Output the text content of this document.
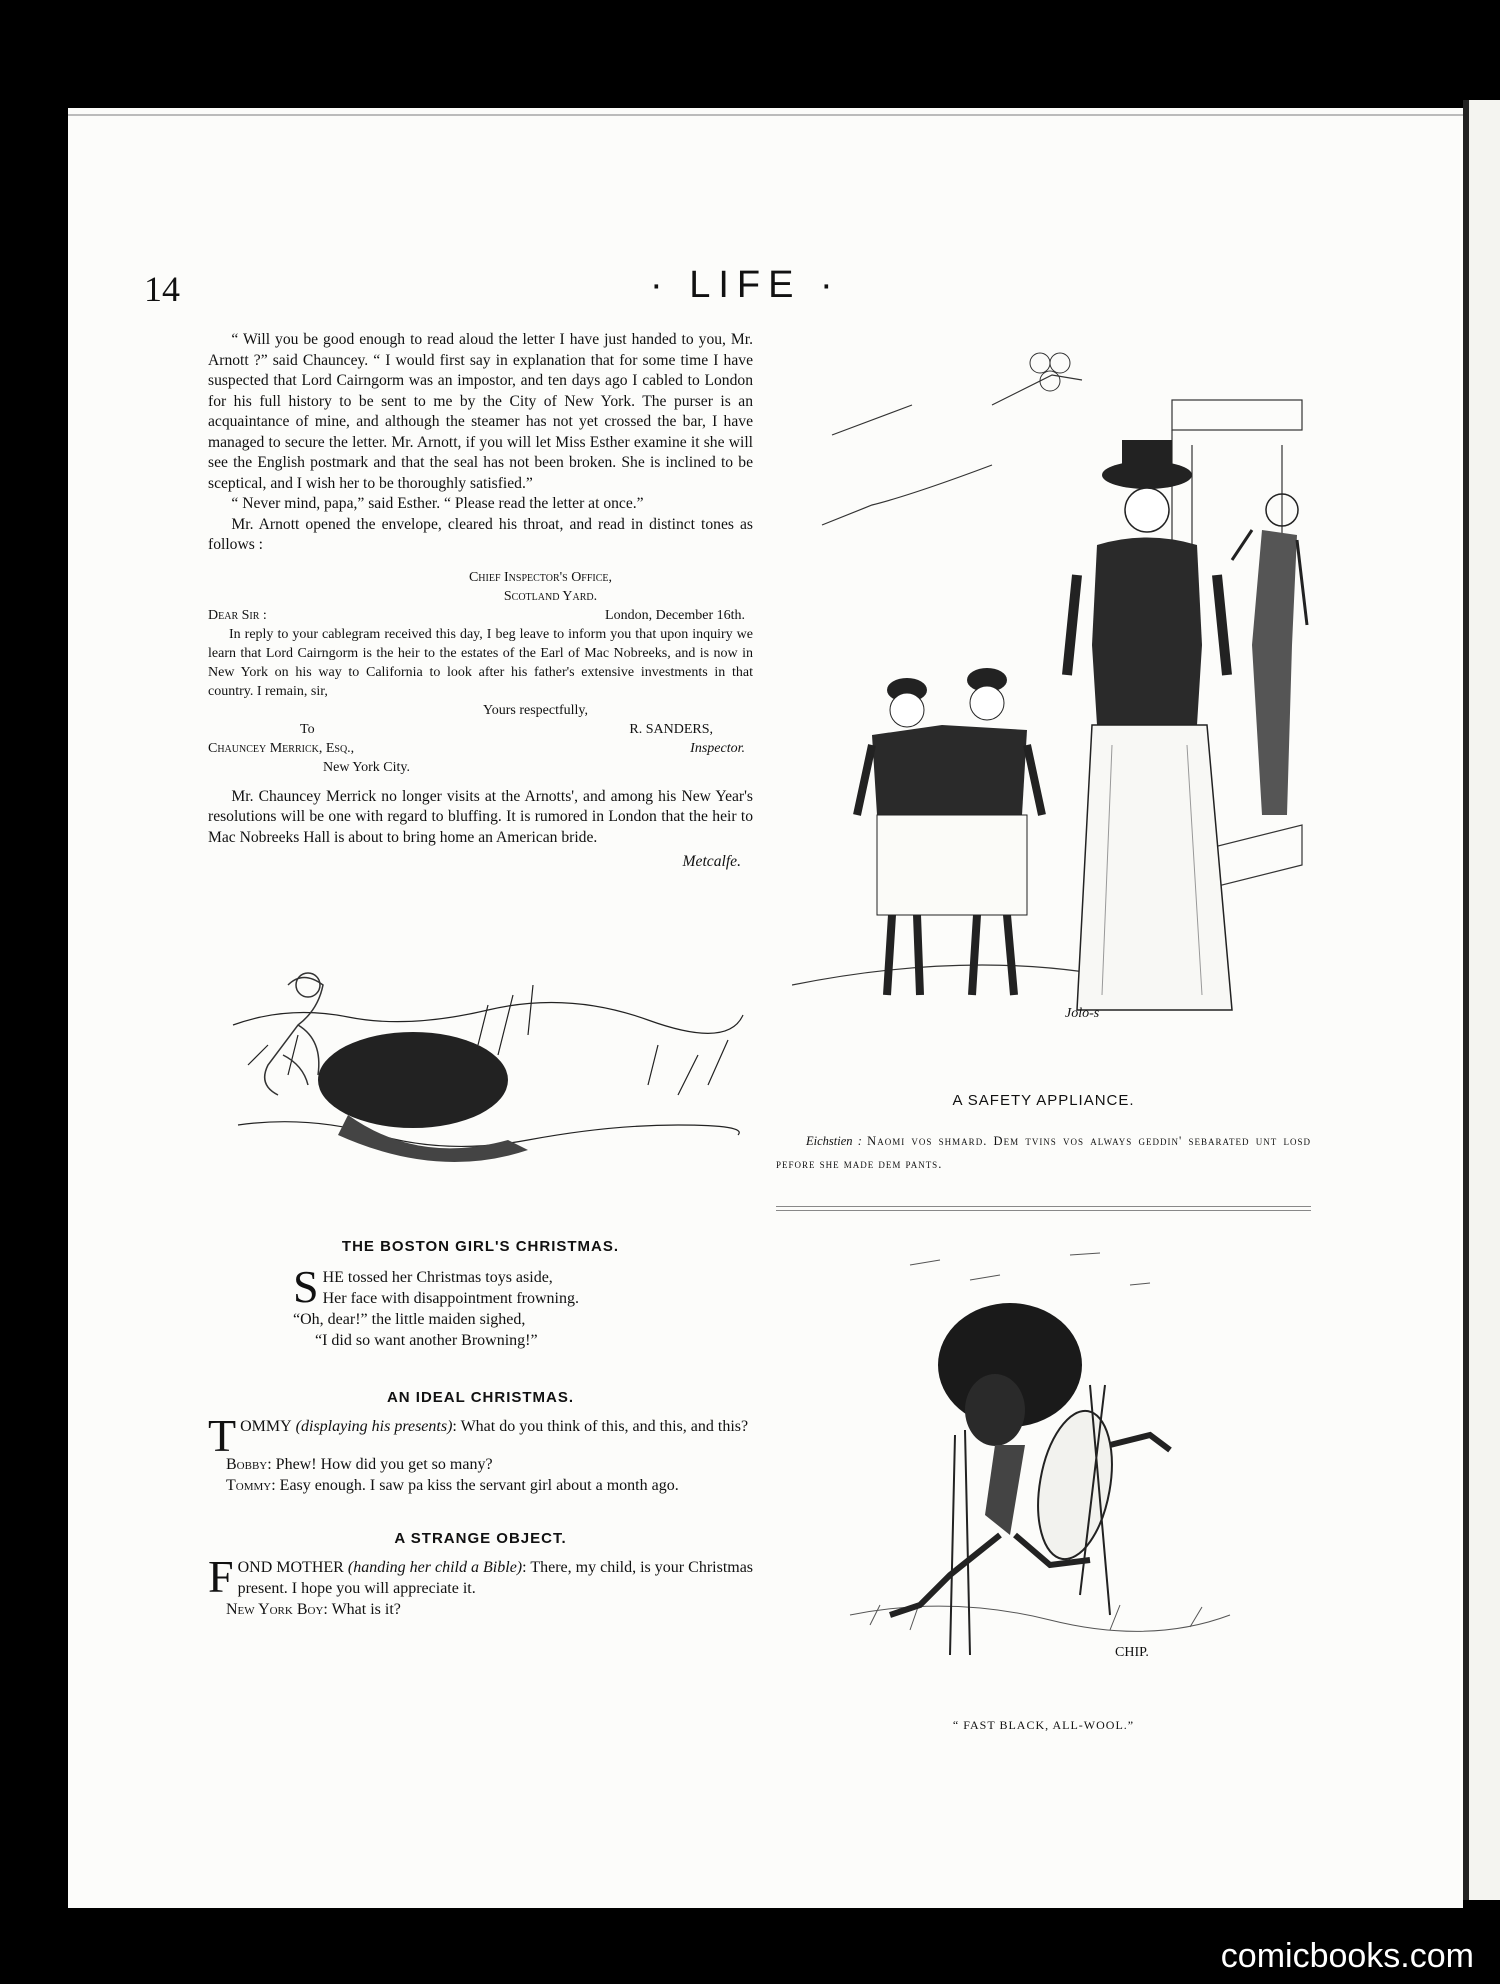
14	· LIFE ·

“ Will you be good enough to read aloud the letter I have just handed to you, Mr. Arnott ?” said Chauncey. “ I would first say in explanation that for some time I have suspected that Lord Cairngorm was an impostor, and ten days ago I cabled to London for his full history to be sent to me by the City of New York. The purser is an acquaintance of mine, and although the steamer has not yet crossed the bar, I have managed to secure the letter. Mr. Arnott, if you will let Miss Esther examine it she will see the English postmark and that the seal has not been broken. She is inclined to be sceptical, and I wish her to be thoroughly satisfied.”

“ Never mind, papa,” said Esther. “ Please read the letter at once.”

Mr. Arnott opened the envelope, cleared his throat, and read in distinct tones as follows :

Chief Inspector's Office,
Scotland Yard.
Dear Sir :	London, December 16th.

In reply to your cablegram received this day, I beg leave to inform you that upon inquiry we learn that Lord Cairngorm is the heir to the estates of the Earl of Mac Nobreeks, and is now in New York on his way to California to look after his father's extensive investments in that country. I remain, sir,

Yours respectfully,
To	R. SANDERS,
Chauncey Merrick, Esq.,	Inspector.
New York City.

Mr. Chauncey Merrick no longer visits at the Arnotts', and among his New Year's resolutions will be one with regard to bluffing. It is rumored in London that the heir to Mac Nobreeks Hall is about to bring home an American bride.

Metcalfe.
THE BOSTON GIRL'S CHRISTMAS.
S HE tossed her Christmas toys aside,
Her face with disappointment frowning.
“Oh, dear!” the little maiden sighed,
“I did so want another Browning!”
AN IDEAL CHRISTMAS.
T OMMY (displaying his presents): What do you think of this, and this, and this?
Bobby: Phew! How did you get so many?
Tommy: Easy enough. I saw pa kiss the servant girl about a month ago.
A STRANGE OBJECT.
F OND MOTHER (handing her child a Bible): There, my child, is your Christmas present. I hope you will appreciate it.
New York Boy: What is it?
Jolo-s
A SAFETY APPLIANCE.
Eichstien : Naomi vos shmard. Dem tvins vos always geddin' sebarated unt losd pefore she made dem pants.
CHIP.
“ FAST BLACK, ALL-WOOL.”
comicbooks.com
